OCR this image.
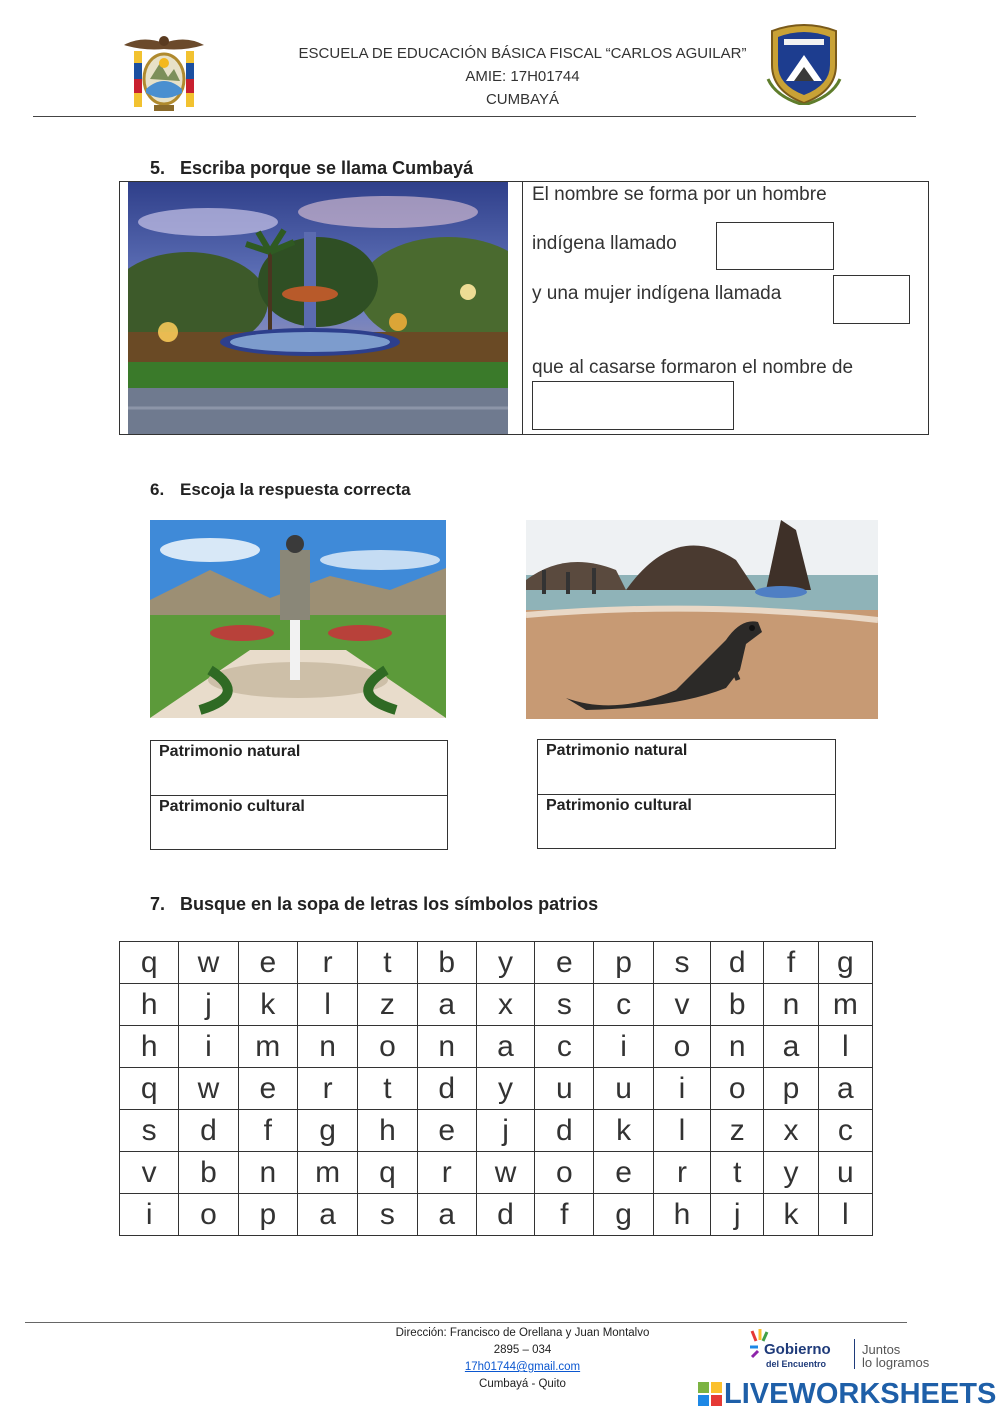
ESCUELA DE EDUCACIÓN BÁSICA FISCAL “CARLOS AGUILAR”
AMIE: 17H01744
CUMBAYÁ
5. Escriba porque se llama Cumbayá
El nombre se forma por un hombre
indígena llamado
y una mujer indígena llamada
que al casarse formaron el nombre de
6. Escoja la respuesta correcta
Patrimonio natural
Patrimonio cultural
Patrimonio natural
Patrimonio cultural
7. Busque en la sopa de letras los símbolos patrios
q	w	e	r	t	b	y	e	p	s	d	f	g
h	j	k	l	z	a	x	s	c	v	b	n	m
h	i	m	n	o	n	a	c	i	o	n	a	l
q	w	e	r	t	d	y	u	u	i	o	p	a
s	d	f	g	h	e	j	d	k	l	z	x	c
v	b	n	m	q	r	w	o	e	r	t	y	u
i	o	p	a	s	a	d	f	g	h	j	k	l
Dirección: Francisco de Orellana y Juan Montalvo
2895 – 034
17h01744@gmail.com
Cumbayá - Quito
Gobierno
del Encuentro
Juntos
lo logramos
LIVEWORKSHEETS
